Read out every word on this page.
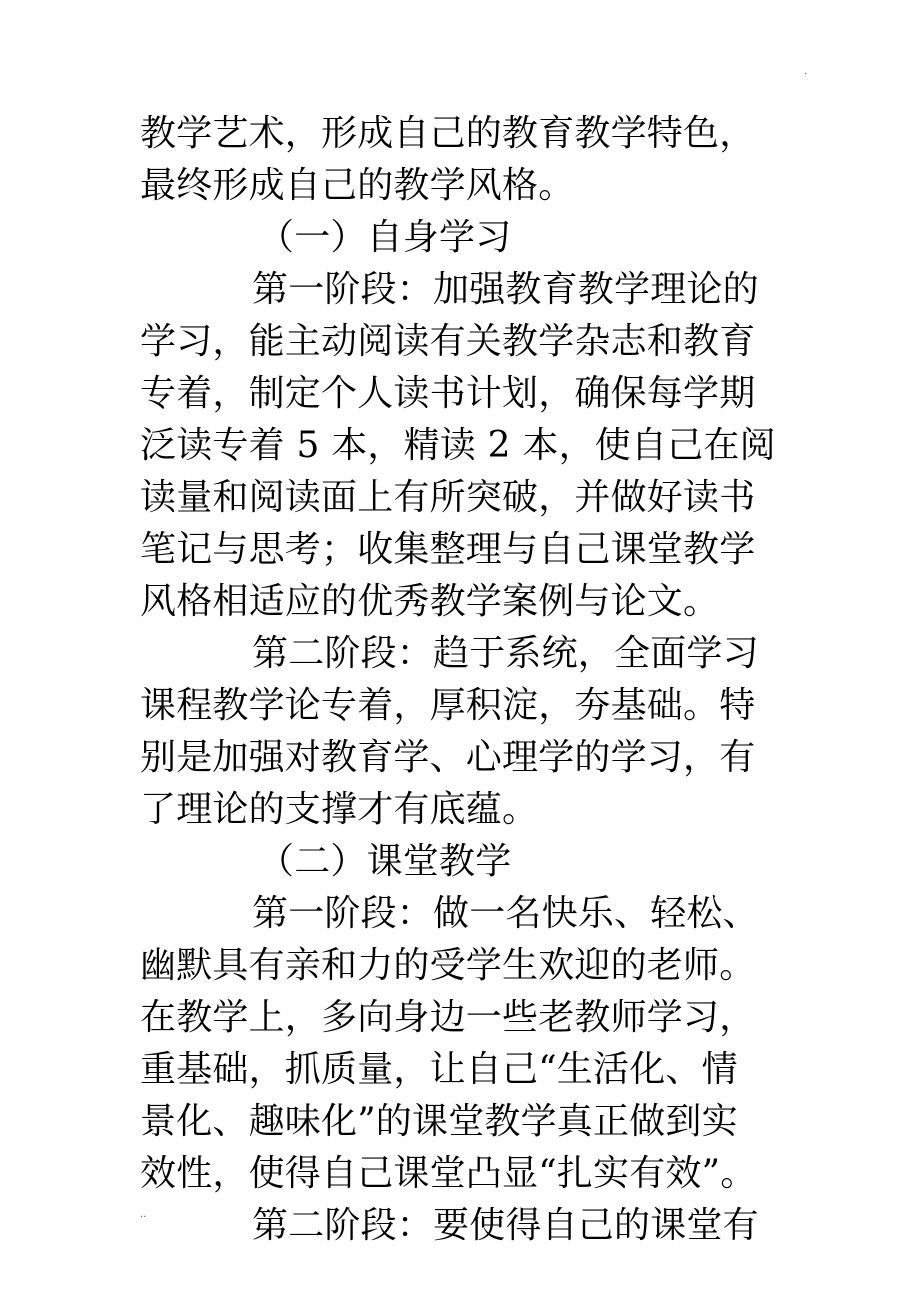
·
教学艺术，形成自己的教育教学特色，
最终形成自己的教学风格。
（一）自身学习
第一阶段：加强教育教学理论的
学习，能主动阅读有关教学杂志和教育
专着，制定个人读书计划，确保每学期
泛读专着 5 本，精读 2 本，使自己在阅
读量和阅读面上有所突破，并做好读书
笔记与思考；收集整理与自己课堂教学
风格相适应的优秀教学案例与论文。
第二阶段：趋于系统，全面学习
课程教学论专着，厚积淀，夯基础。特
别是加强对教育学、心理学的学习，有
了理论的支撑才有底蕴。
（二）课堂教学
第一阶段：做一名快乐、轻松、
幽默具有亲和力的受学生欢迎的老师。
在教学上，多向身边一些老教师学习，
重基础，抓质量，让自己“生活化、情
景化、趣味化”的课堂教学真正做到实
效性，使得自己课堂凸显“扎实有效”。
第二阶段：要使得自己的课堂有
..
